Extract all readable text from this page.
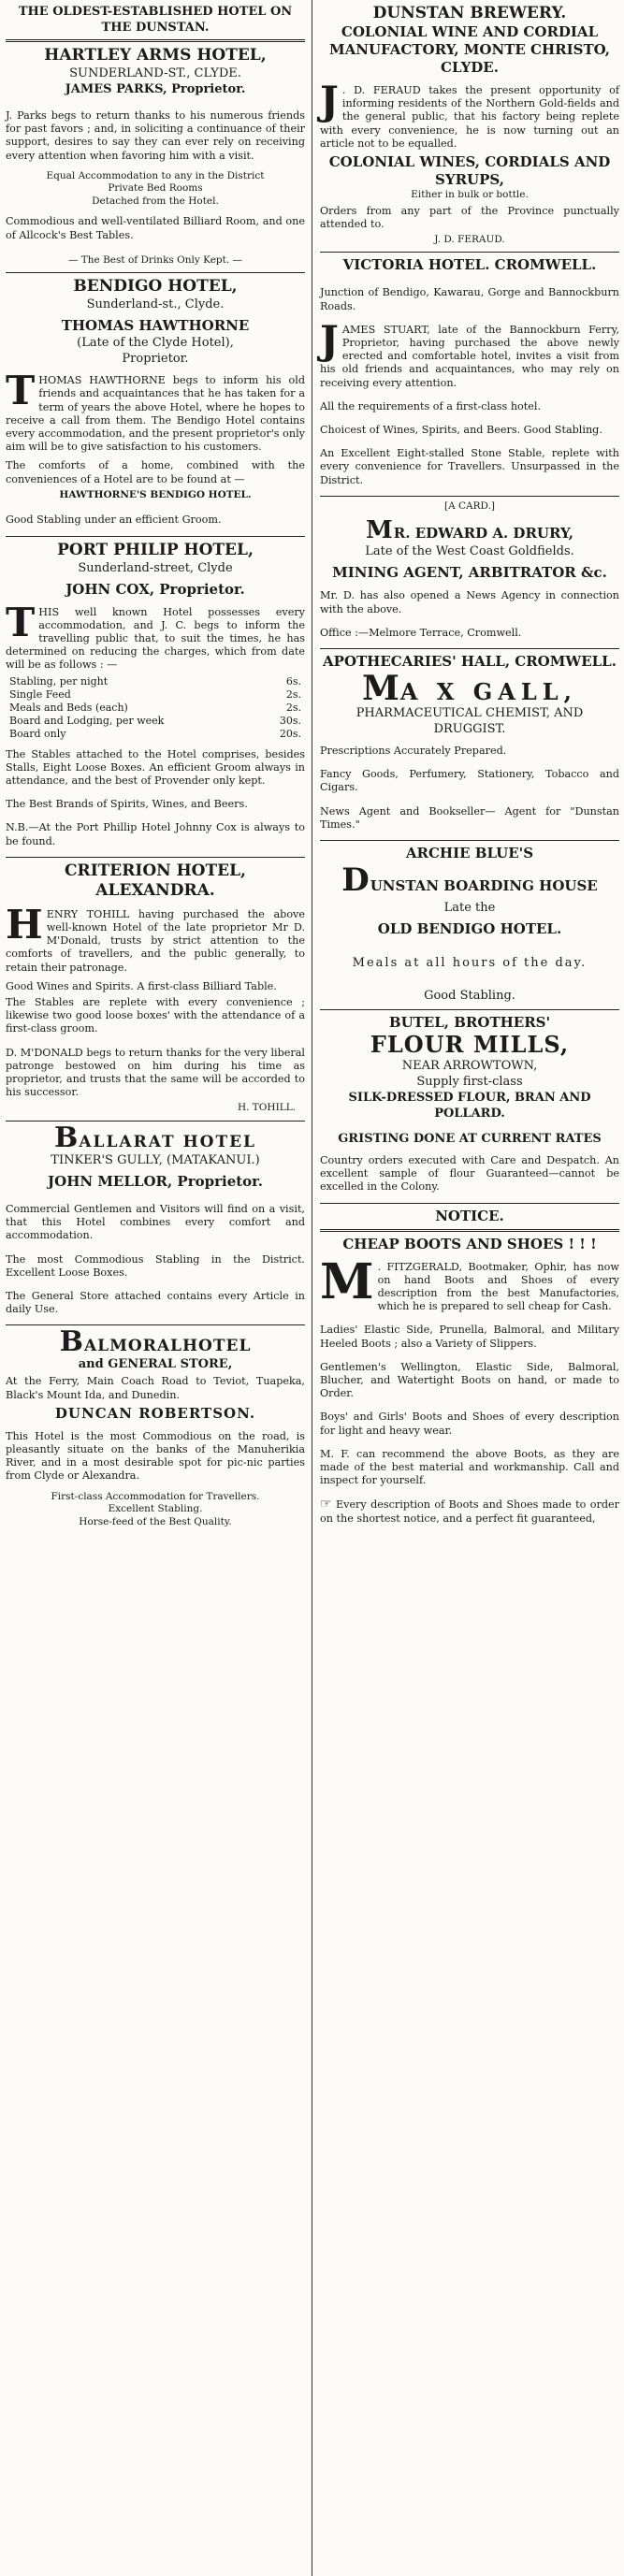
THE OLDEST-ESTABLISHED HOTEL ON THE DUNSTAN.
HARTLEY ARMS HOTEL,
SUNDERLAND-ST., CLYDE.
JAMES PARKS, Proprietor.

J. Parks begs to return thanks to his numerous friends for past favors ; and, in soliciting a continuance of their support, desires to say they can ever rely on receiving every attention when favoring him with a visit.

Equal Accommodation to any in the District
Private Bed Rooms
Detached from the Hotel.

Commodious and well-ventilated Billiard Room, and one of Allcock's Best Tables.

— The Best of Drinks Only Kept. —
BENDIGO HOTEL,
Sunderland-st., Clyde.
THOMAS HAWTHORNE
(Late of the Clyde Hotel),
Proprietor.

THOMAS HAWTHORNE begs to inform his old friends and acquaintances that he has taken for a term of years the above Hotel, where he hopes to receive a call from them. The Bendigo Hotel contains every accommodation, and the present proprietor's only aim will be to give satisfaction to his customers.

The comforts of a home, combined with the conveniences of a Hotel are to be found at —

HAWTHORNE'S BENDIGO HOTEL.

Good Stabling under an efficient Groom.

PORT PHILIP HOTEL,
Sunderland-street, Clyde
JOHN COX, Proprietor.

THIS well known Hotel possesses every accommodation, and J. C. begs to inform the travelling public that, to suit the times, he has determined on reducing the charges, which from date will be as follows : —

Stabling, per night	6s.
Single Feed	2s.
Meals and Beds (each)	2s.
Board and Lodging, per week	30s.
Board only	20s.

The Stables attached to the Hotel comprises, besides Stalls, Eight Loose Boxes. An efficient Groom always in attendance, and the best of Provender only kept.

The Best Brands of Spirits, Wines, and Beers.

N.B.—At the Port Phillip Hotel Johnny Cox is always to be found.

CRITERION HOTEL, ALEXANDRA.

HENRY TOHILL having purchased the above well-known Hotel of the late proprietor Mr D. M'Donald, trusts by strict attention to the comforts of travellers, and the public generally, to retain their patronage.

Good Wines and Spirits. A first-class Billiard Table.

The Stables are replete with every convenience ; likewise two good loose boxes' with the attendance of a first-class groom.

D. M'DONALD begs to return thanks for the very liberal patronge bestowed on him during his time as proprietor, and trusts that the same will be accorded to his successor.

H. TOHILL.
BALLARAT HOTEL
TINKER'S GULLY, (MATAKANUI.)
JOHN MELLOR, Proprietor.

Commercial Gentlemen and Visitors will find on a visit, that this Hotel combines every comfort and accommodation.

The most Commodious Stabling in the District. Excellent Loose Boxes.

The General Store attached contains every Article in daily Use.

BALMORALHOTEL
and GENERAL STORE,

At the Ferry, Main Coach Road to Teviot, Tuapeka, Black's Mount Ida, and Dunedin.

DUNCAN ROBERTSON.

This Hotel is the most Commodious on the road, is pleasantly situate on the banks of the Manuherikia River, and in a most desirable spot for pic-nic parties from Clyde or Alexandra.

First-class Accommodation for Travellers.
Excellent Stabling.
Horse-feed of the Best Quality.
DUNSTAN BREWERY.
COLONIAL WINE AND CORDIAL MANUFACTORY, MONTE CHRISTO, CLYDE.

J . D. FERAUD takes the present opportunity of informing residents of the Northern Gold-fields and the general public, that his factory being replete with every convenience, he is now turning out an article not to be equalled.

COLONIAL WINES, CORDIALS AND SYRUPS,
Either in bulk or bottle.

Orders from any part of the Province punctually attended to.

J. D. FERAUD.
VICTORIA HOTEL. CROMWELL.

Junction of Bendigo, Kawarau, Gorge and Bannockburn Roads.

JAMES STUART, late of the Bannockburn Ferry, Proprietor, having purchased the above newly erected and comfortable hotel, invites a visit from his old friends and acquaintances, who may rely on receiving every attention.

All the requirements of a first-class hotel.

Choicest of Wines, Spirits, and Beers. Good Stabling.

An Excellent Eight-stalled Stone Stable, replete with every convenience for Travellers. Unsurpassed in the District.

[A CARD.]
MR. EDWARD A. DRURY,
Late of the West Coast Goldfields.
MINING AGENT, ARBITRATOR &c.

Mr. D. has also opened a News Agency in connection with the above.

Office :—Melmore Terrace, Cromwell.

APOTHECARIES' HALL, CROMWELL.
MA X GALL,
PHARMACEUTICAL CHEMIST, AND DRUGGIST.

Prescriptions Accurately Prepared.

Fancy Goods, Perfumery, Stationery, Tobacco and Cigars.

News Agent and Bookseller— Agent for "Dunstan Times."

ARCHIE BLUE'S
DUNSTAN BOARDING HOUSE
Late the
OLD BENDIGO HOTEL.
Meals at all hours of the day.
Good Stabling.
BUTEL, BROTHERS'
FLOUR MILLS,
NEAR ARROWTOWN,
Supply first-class
SILK-DRESSED FLOUR, BRAN AND POLLARD.
GRISTING DONE AT CURRENT RATES

Country orders executed with Care and Despatch. An excellent sample of flour Guaranteed—cannot be excelled in the Colony.

NOTICE.
CHEAP BOOTS AND SHOES ! ! !

M . FITZGERALD, Bootmaker, Ophir, has now on hand Boots and Shoes of every description from the best Manufactories, which he is prepared to sell cheap for Cash.

Ladies' Elastic Side, Prunella, Balmoral, and Military Heeled Boots ; also a Variety of Slippers.

Gentlemen's Wellington, Elastic Side, Balmoral, Blucher, and Watertight Boots on hand, or made to Order.

Boys' and Girls' Boots and Shoes of every description for light and heavy wear.

M. F. can recommend the above Boots, as they are made of the best material and workmanship. Call and inspect for yourself.

☞ Every description of Boots and Shoes made to order on the shortest notice, and a perfect fit guaranteed,
